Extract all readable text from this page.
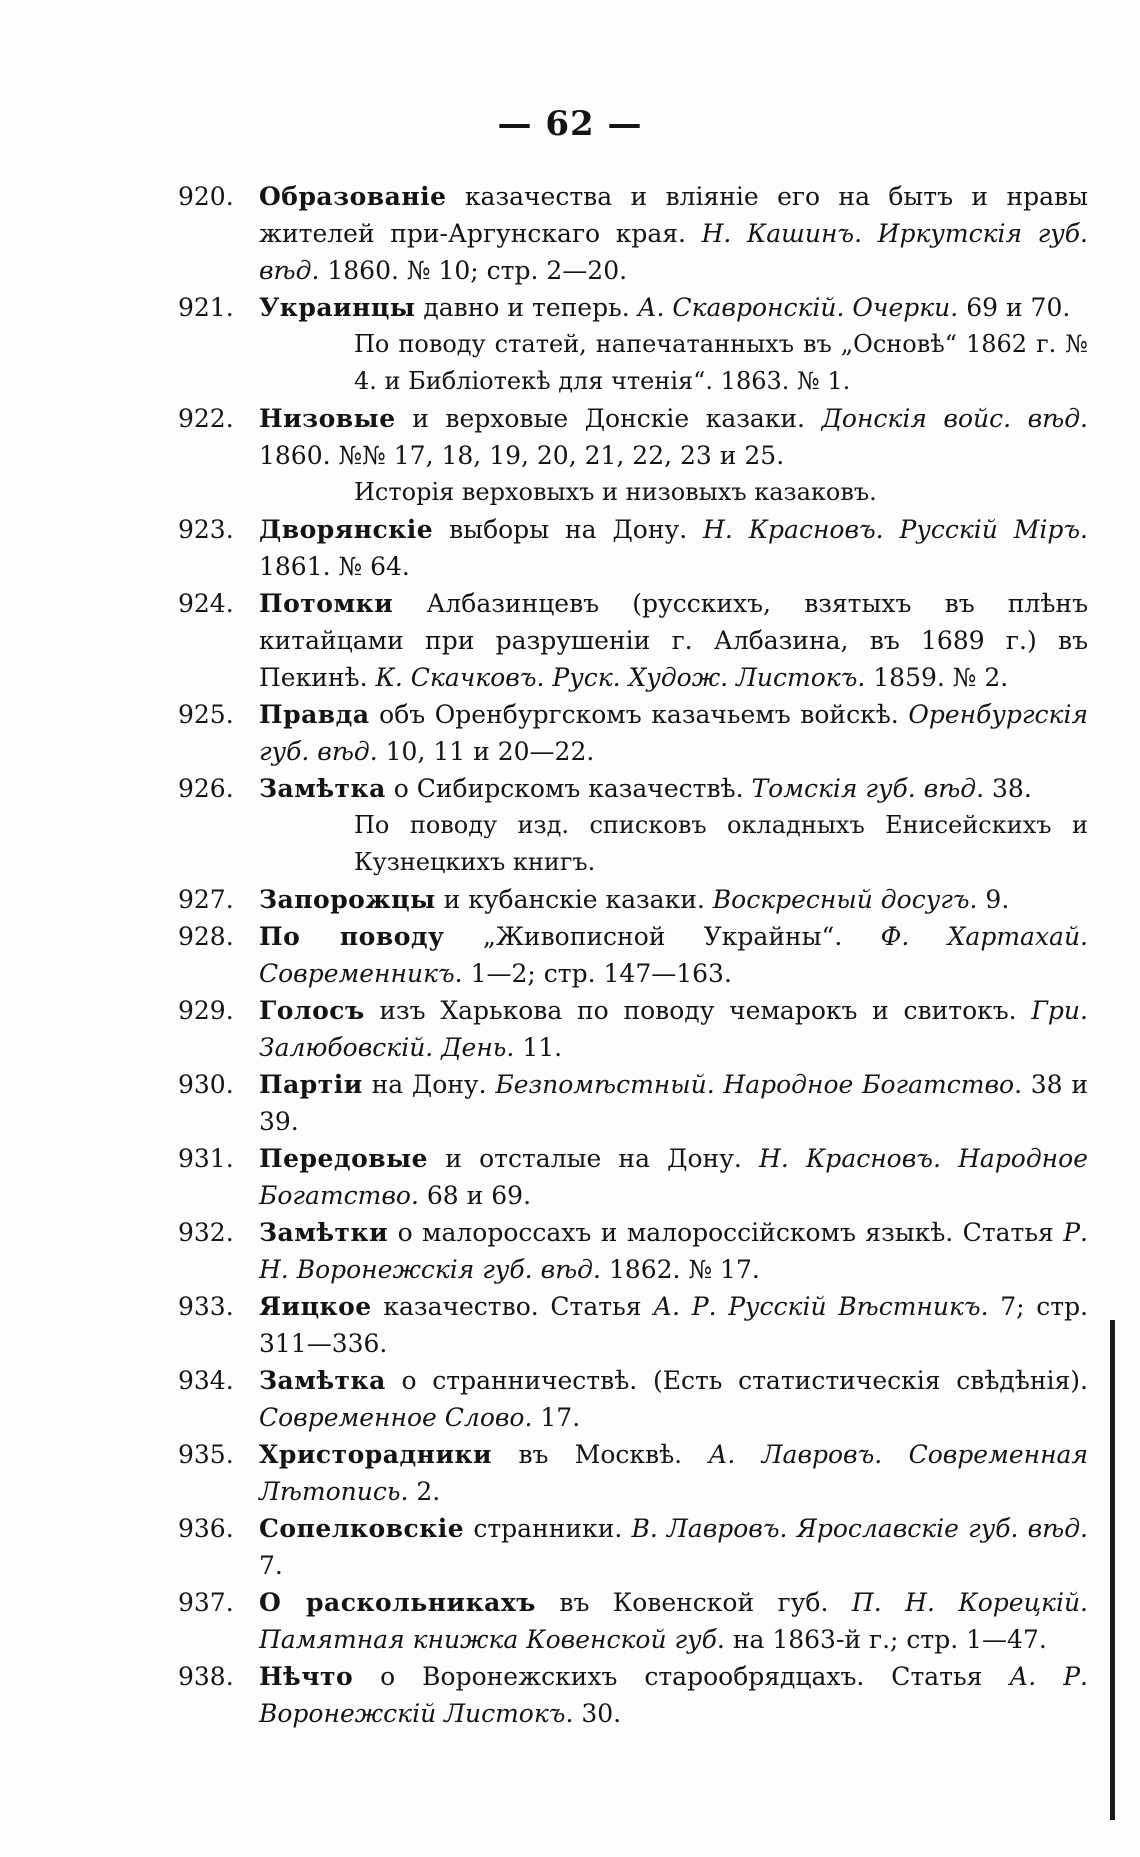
— 62 —
920.	Образованіе казачества и вліяніе его на бытъ и нравы жителей при-Аргунскаго края. Н. Кашинъ. Иркутскія губ. вѣд. 1860. № 10; стр. 2—20.
921.	Украинцы давно и теперь. А. Скавронскій. Очерки. 69 и 70.
По поводу статей, напечатанныхъ въ „Основѣ“ 1862 г. № 4. и Библіотекѣ для чтенія“. 1863. № 1.
922.	Низовые и верховые Донскіе казаки. Донскія войс. вѣд. 1860. №№ 17, 18, 19, 20, 21, 22, 23 и 25.
Исторія верховыхъ и низовыхъ казаковъ.
923.	Дворянскіе выборы на Дону. Н. Красновъ. Русскій Міръ. 1861. № 64.
924.	Потомки Албазинцевъ (русскихъ, взятыхъ въ плѣнъ китайцами при разрушеніи г. Албазина, въ 1689 г.) въ Пекинѣ. К. Скачковъ. Руск. Худож. Листокъ. 1859. № 2.
925.	Правда объ Оренбургскомъ казачьемъ войскѣ. Оренбургскія губ. вѣд. 10, 11 и 20—22.
926.	Замѣтка о Сибирскомъ казачествѣ. Томскія губ. вѣд. 38.
По поводу изд. списковъ окладныхъ Енисейскихъ и Кузнецкихъ книгъ.
927.	Запорожцы и кубанскіе казаки. Воскресный досугъ. 9.
928.	По поводу „Живописной Украйны“. Ф. Хартахай. Современникъ. 1—2; стр. 147—163.
929.	Голосъ изъ Харькова по поводу чемарокъ и свитокъ. Гри. Залюбовскій. День. 11.
930.	Партіи на Дону. Безпомѣстный. Народное Богатство. 38 и 39.
931.	Передовые и отсталые на Дону. Н. Красновъ. Народное Богатство. 68 и 69.
932.	Замѣтки о малороссахъ и малороссійскомъ языкѣ. Статья Р. Н. Воронежскія губ. вѣд. 1862. № 17.
933.	Яицкое казачество. Статья А. Р. Русскій Вѣстникъ. 7; стр. 311—336.
934.	Замѣтка о странничествѣ. (Есть статистическія свѣдѣнія). Современное Слово. 17.
935.	Христорадники въ Москвѣ. А. Лавровъ. Современная Лѣтопись. 2.
936.	Сопелковскіе странники. В. Лавровъ. Ярославскіе губ. вѣд. 7.
937.	О раскольникахъ въ Ковенской губ. П. Н. Корецкій. Памятная книжка Ковенской губ. на 1863-й г.; стр. 1—47.
938.	Нѣчто о Воронежскихъ старообрядцахъ. Статья А. Р. Воронежскій Листокъ. 30.
